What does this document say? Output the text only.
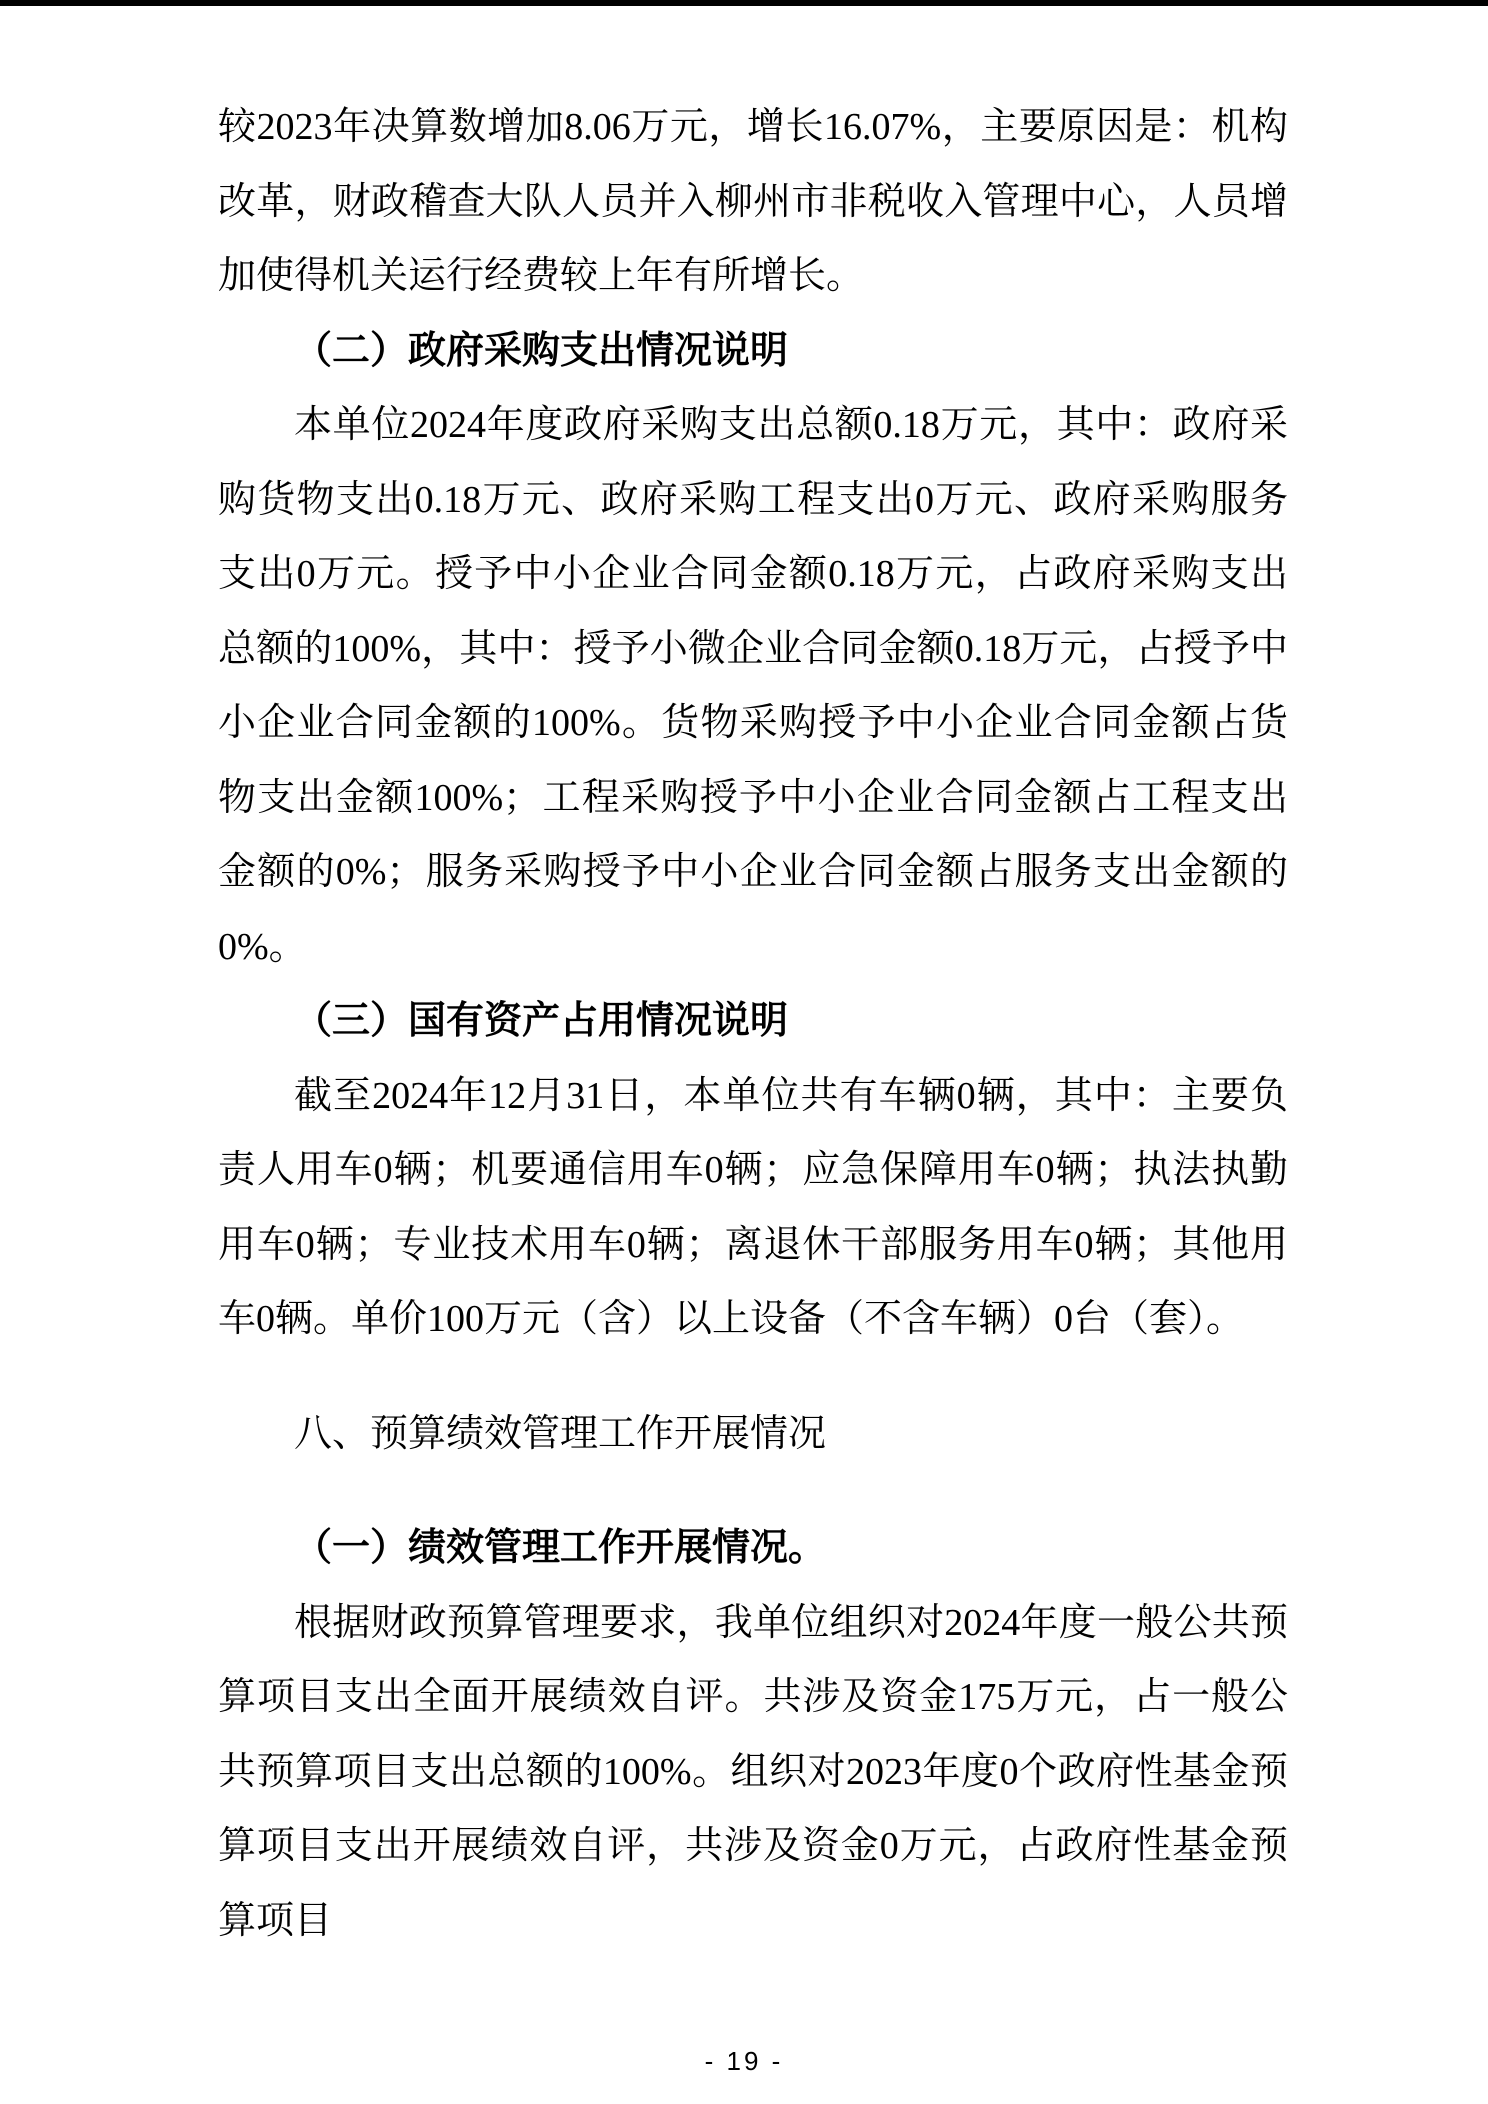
较2023年决算数增加8.06万元，增长16.07%，主要原因是：机构改革，财政稽查大队人员并入柳州市非税收入管理中心，人员增加使得机关运行经费较上年有所增长。

（二）政府采购支出情况说明

本单位2024年度政府采购支出总额0.18万元，其中：政府采购货物支出0.18万元、政府采购工程支出0万元、政府采购服务支出0万元。授予中小企业合同金额0.18万元，占政府采购支出总额的100%，其中：授予小微企业合同金额0.18万元，占授予中小企业合同金额的100%。货物采购授予中小企业合同金额占货物支出金额100%；工程采购授予中小企业合同金额占工程支出金额的0%；服务采购授予中小企业合同金额占服务支出金额的0%。

（三）国有资产占用情况说明

截至2024年12月31日，本单位共有车辆0辆，其中：主要负责人用车0辆；机要通信用车0辆；应急保障用车0辆；执法执勤用车0辆；专业技术用车0辆；离退休干部服务用车0辆；其他用车0辆。单价100万元（含）以上设备（不含车辆）0台（套）。

八、预算绩效管理工作开展情况

（一）绩效管理工作开展情况。

根据财政预算管理要求，我单位组织对2024年度一般公共预算项目支出全面开展绩效自评。共涉及资金175万元，占一般公共预算项目支出总额的100%。组织对2023年度0个政府性基金预算项目支出开展绩效自评，共涉及资金0万元，占政府性基金预算项目

- 19 -
